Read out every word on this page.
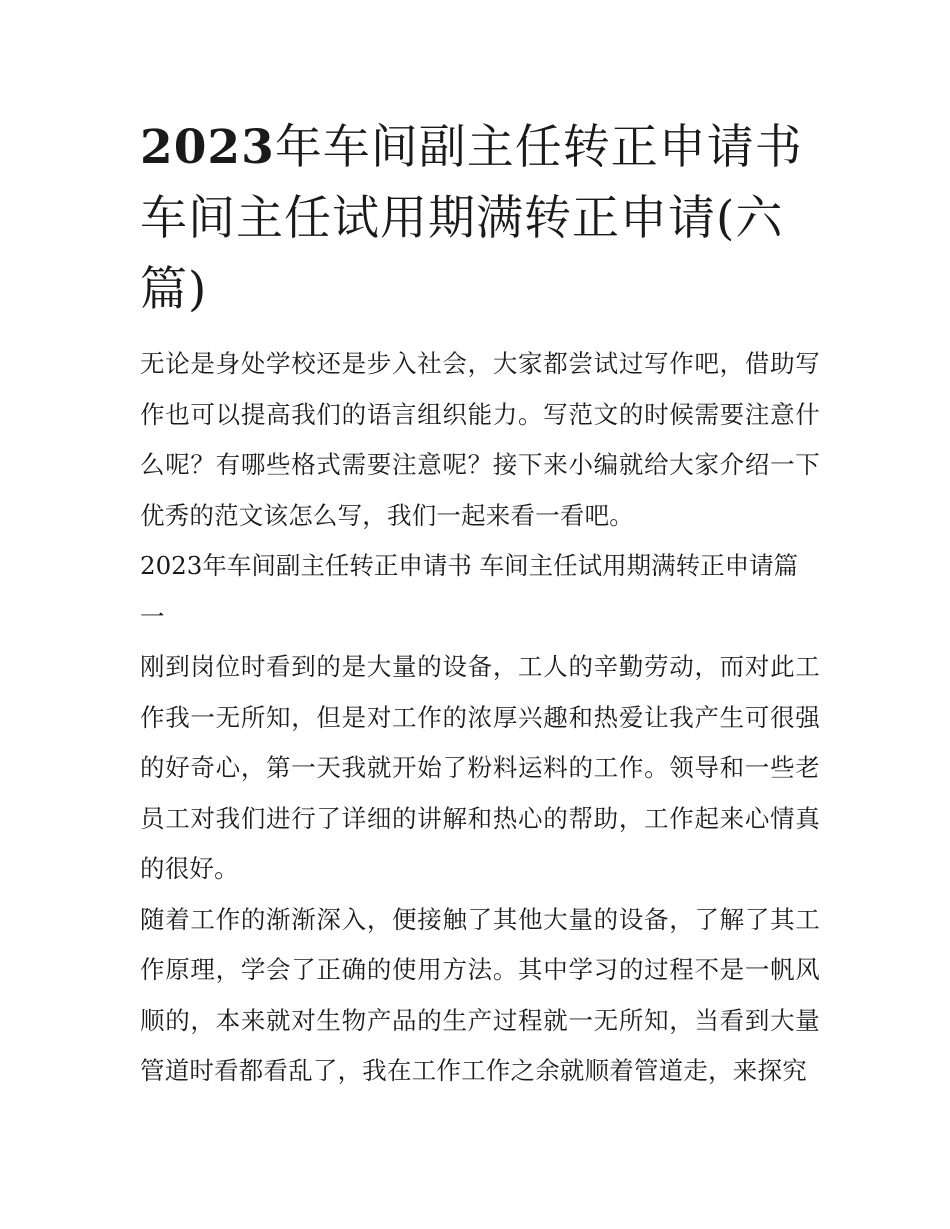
2023年车间副主任转正申请书车间主任试用期满转正申请(六篇)

无论是身处学校还是步入社会，大家都尝试过写作吧，借助写作也可以提高我们的语言组织能力。写范文的时候需要注意什么呢？有哪些格式需要注意呢？接下来小编就给大家介绍一下优秀的范文该怎么写，我们一起来看一看吧。

2023年车间副主任转正申请书 车间主任试用期满转正申请篇一

刚到岗位时看到的是大量的设备，工人的辛勤劳动，而对此工作我一无所知，但是对工作的浓厚兴趣和热爱让我产生可很强的好奇心，第一天我就开始了粉料运料的工作。领导和一些老员工对我们进行了详细的讲解和热心的帮助，工作起来心情真的很好。

随着工作的渐渐深入，便接触了其他大量的设备，了解了其工作原理，学会了正确的使用方法。其中学习的过程不是一帆风顺的，本来就对生物产品的生产过程就一无所知，当看到大量管道时看都看乱了，我在工作工作之余就顺着管道走，来探究
